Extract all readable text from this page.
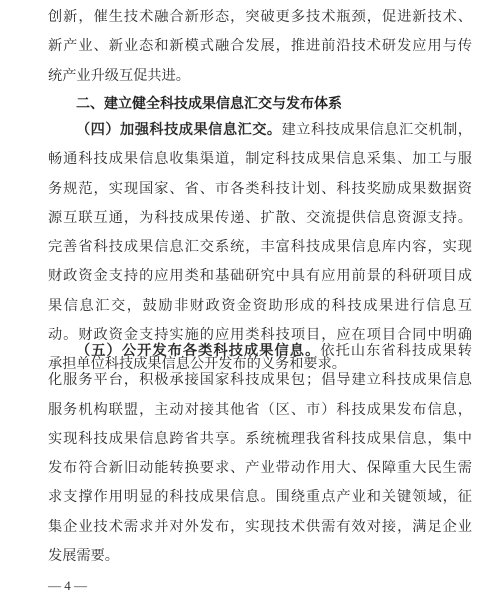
创新，催生技术融合新形态，突破更多技术瓶颈，促进新技术、
新产业、新业态和新模式融合发展，推进前沿技术研发应用与传
统产业升级互促共进。
二、建立健全科技成果信息汇交与发布体系
（四）加强科技成果信息汇交。建立科技成果信息汇交机制，
畅通科技成果信息收集渠道，制定科技成果信息采集、加工与服
务规范，实现国家、省、市各类科技计划、科技奖励成果数据资
源互联互通，为科技成果传递、扩散、交流提供信息资源支持。
完善省科技成果信息汇交系统，丰富科技成果信息库内容，实现
财政资金支持的应用类和基础研究中具有应用前景的科研项目成
果信息汇交，鼓励非财政资金资助形成的科技成果进行信息互
动。财政资金支持实施的应用类科技项目，应在项目合同中明确
承担单位科技成果信息公开发布的义务和要求。
（五）公开发布各类科技成果信息。依托山东省科技成果转
化服务平台，积极承接国家科技成果包；倡导建立科技成果信息
服务机构联盟，主动对接其他省（区、市）科技成果发布信息，
实现科技成果信息跨省共享。系统梳理我省科技成果信息，集中
发布符合新旧动能转换要求、产业带动作用大、保障重大民生需
求支撑作用明显的科技成果信息。围绕重点产业和关键领域，征
集企业技术需求并对外发布，实现技术供需有效对接，满足企业
发展需要。
— 4 —
